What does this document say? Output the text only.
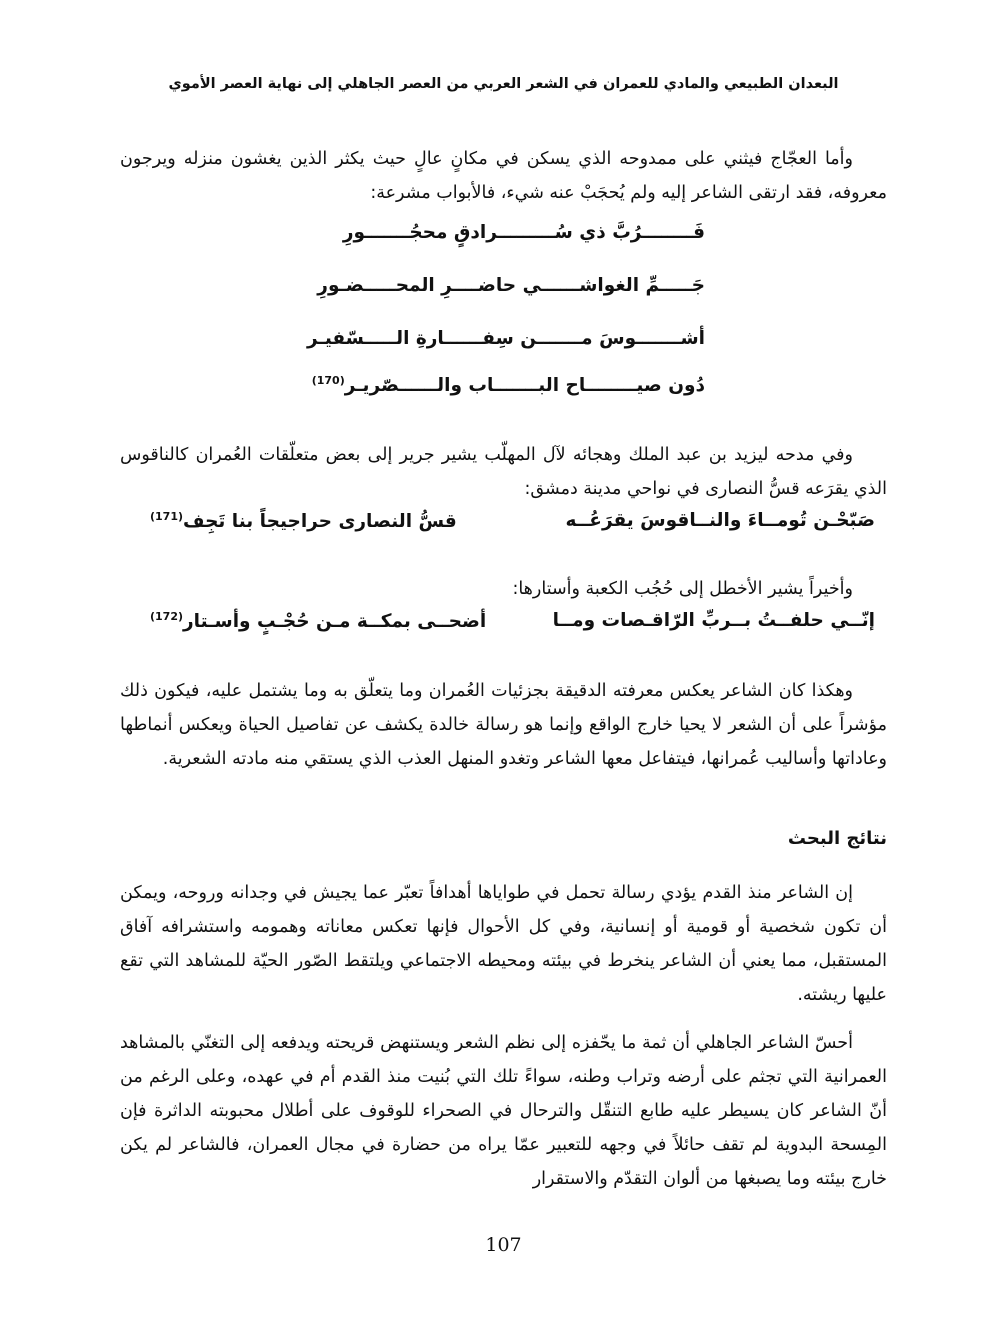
البعدان الطبيعي والمادي للعمران في الشعر العربي من العصر الجاهلي إلى نهاية العصر الأموي

وأما العجّاج فيثني على ممدوحه الذي يسكن في مكانٍ عالٍ حيث يكثر الذين يغشون منزله ويرجون معروفه، فقد ارتقى الشاعر إليه ولم يُحجَبْ عنه شيء، فالأبواب مشرعة:

فَــــــــرُبَّ ذي سُـــــــــرادقٍ محجُـــــــورِ
جَـــــمِّ الغواشــــــي حاضــــرِ المحـــــضـورِ
أشـــــــوسَ مـــــــن سِفــــــارةِ الـــــسّفيـر
دُون صيــــــــاح البـــــــاب والــــــصّريـر$^{(170)}$

وفي مدحه ليزيد بن عبد الملك وهجائه لآل المهلّب يشير جرير إلى بعض متعلّقات العُمران كالناقوس الذي يقرَعه قسُّ النصارى في نواحي مدينة دمشق:

صَبّحْـن تُومــاءَ والنــاقوسَ يقرَعُــه
قسُّ النصارى حراجيجاً بنا تَجِف$^{(171)}$

وأخيراً يشير الأخطل إلى حُجُب الكعبة وأستارها:

إنّــي حلفــتُ بــربِّ الرّاقـصات ومــا
أضحــى بمكــة مـن حُجْـبٍ وأسـتار$^{(172)}$

وهكذا كان الشاعر يعكس معرفته الدقيقة بجزئيات العُمران وما يتعلّق به وما يشتمل عليه، فيكون ذلك مؤشراً على أن الشعر لا يحيا خارج الواقع وإنما هو رسالة خالدة يكشف عن تفاصيل الحياة ويعكس أنماطها وعاداتها وأساليب عُمرانها، فيتفاعل معها الشاعر وتغدو المنهل العذب الذي يستقي منه مادته الشعرية.

نتائج البحث

إن الشاعر منذ القدم يؤدي رسالة تحمل في طواياها أهدافاً تعبّر عما يجيش في وجدانه وروحه، ويمكن أن تكون شخصية أو قومية أو إنسانية، وفي كل الأحوال فإنها تعكس معاناته وهمومه واستشرافه آفاق المستقبل، مما يعني أن الشاعر ينخرط في بيئته ومحيطه الاجتماعي ويلتقط الصّور الحيّة للمشاهد التي تقع عليها ريشته.

أحسّ الشاعر الجاهلي أن ثمة ما يحّفزه إلى نظم الشعر ويستنهض قريحته ويدفعه إلى التغنّي بالمشاهد العمرانية التي تجثم على أرضه وتراب وطنه، سواءً تلك التي بُنيت منذ القدم أم في عهده، وعلى الرغم من أنّ الشاعر كان يسيطر عليه طابع التنقّل والترحال في الصحراء للوقوف على أطلال محبوبته الداثرة فإن المِسحة البدوية لم تقف حائلاً في وجهه للتعبير عمّا يراه من حضارة في مجال العمران، فالشاعر لم يكن خارج بيئته وما يصبغها من ألوان التقدّم والاستقرار

107
